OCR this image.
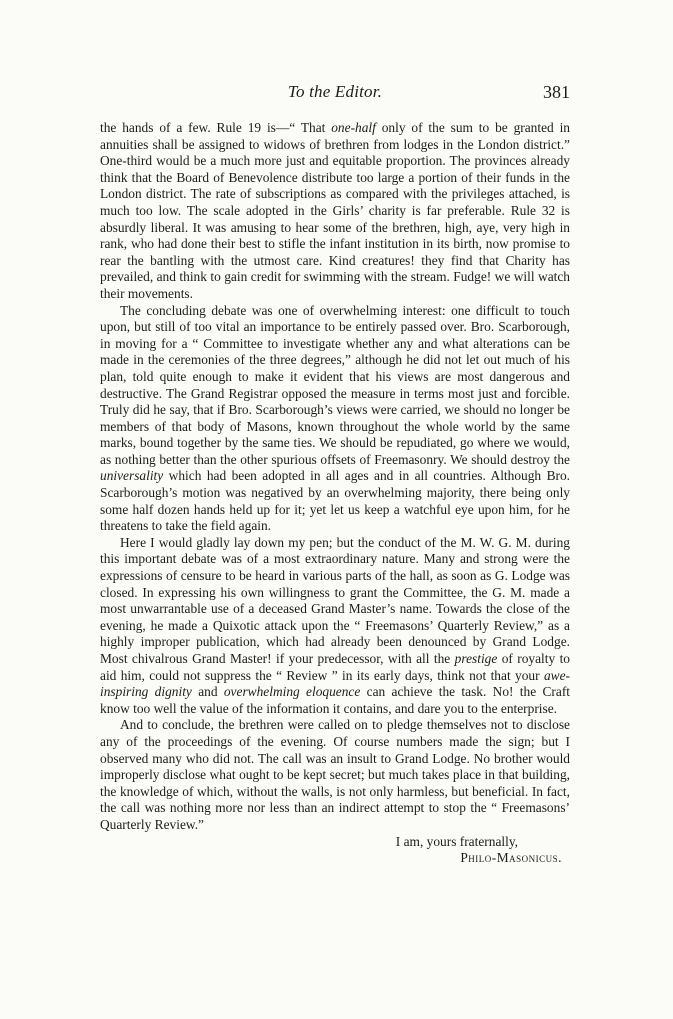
To the Editor.	381

the hands of a few. Rule 19 is—“ That one-half only of the sum to be granted in annuities shall be assigned to widows of brethren from lodges in the London district.” One-third would be a much more just and equitable proportion. The provinces already think that the Board of Benevolence distribute too large a portion of their funds in the London district. The rate of subscriptions as compared with the privileges attached, is much too low. The scale adopted in the Girls’ charity is far preferable. Rule 32 is absurdly liberal. It was amusing to hear some of the brethren, high, aye, very high in rank, who had done their best to stifle the infant institution in its birth, now promise to rear the bantling with the utmost care. Kind creatures! they find that Charity has prevailed, and think to gain credit for swimming with the stream. Fudge! we will watch their movements.

The concluding debate was one of overwhelming interest: one difficult to touch upon, but still of too vital an importance to be entirely passed over. Bro. Scarborough, in moving for a “ Committee to investigate whether any and what alterations can be made in the ceremonies of the three degrees,” although he did not let out much of his plan, told quite enough to make it evident that his views are most dangerous and destructive. The Grand Registrar opposed the measure in terms most just and forcible. Truly did he say, that if Bro. Scarborough’s views were carried, we should no longer be members of that body of Masons, known throughout the whole world by the same marks, bound together by the same ties. We should be repudiated, go where we would, as nothing better than the other spurious offsets of Freemasonry. We should destroy the universality which had been adopted in all ages and in all countries. Although Bro. Scarborough’s motion was negatived by an overwhelming majority, there being only some half dozen hands held up for it; yet let us keep a watchful eye upon him, for he threatens to take the field again.

Here I would gladly lay down my pen; but the conduct of the M. W. G. M. during this important debate was of a most extraordinary nature. Many and strong were the expressions of censure to be heard in various parts of the hall, as soon as G. Lodge was closed. In expressing his own willingness to grant the Committee, the G. M. made a most unwarrantable use of a deceased Grand Master’s name. Towards the close of the evening, he made a Quixotic attack upon the “ Freemasons’ Quarterly Review,” as a highly improper publication, which had already been denounced by Grand Lodge. Most chivalrous Grand Master! if your predecessor, with all the prestige of royalty to aid him, could not suppress the “ Review ” in its early days, think not that your awe-inspiring dignity and overwhelming eloquence can achieve the task. No! the Craft know too well the value of the information it contains, and dare you to the enterprise.

And to conclude, the brethren were called on to pledge themselves not to disclose any of the proceedings of the evening. Of course numbers made the sign; but I observed many who did not. The call was an insult to Grand Lodge. No brother would improperly disclose what ought to be kept secret; but much takes place in that building, the knowledge of which, without the walls, is not only harmless, but beneficial. In fact, the call was nothing more nor less than an indirect attempt to stop the “ Freemasons’ Quarterly Review.”

I am, yours fraternally,
Philo-Masonicus.
